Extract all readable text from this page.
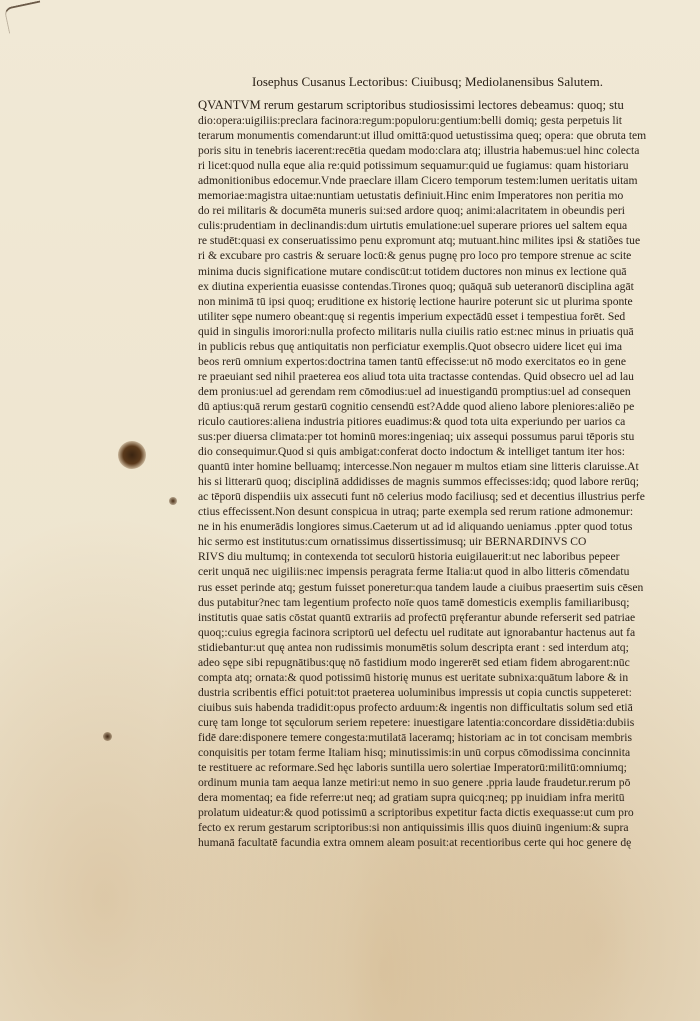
Iosephus Cusanus Lectoribus: Ciuibusq; Mediolanensibus Salutem.
QVANTVM rerum gestarum scriptoribus studiosissimi lectores debeamus: quoq; stu
dio:opera:uigiliis:preclara facinora:regum:populoru:gentium:belli domiq; gesta perpetuis lit
terarum monumentis comendarunt:ut illud omittā:quod uetustissima queq; opera: que obruta tem
poris situ in tenebris iacerent:recētia quedam modo:clara atq; illustria habemus:uel hinc colecta
ri licet:quod nulla eque alia re:quid potissimum sequamur:quid ue fugiamus: quam historiaru
admonitionibus edocemur.Vnde praeclare illam Cicero temporum testem:lumen ueritatis uitam
memoriae:magistra uitae:nuntiam uetustatis definiuit.Hinc enim Imperatores non peritia mo
do rei militaris & documēta muneris sui:sed ardore quoq; animi:alacritatem in obeundis peri
culis:prudentiam in declinandis:dum uirtutis emulatione:uel superare priores uel saltem equa
re studēt:quasi ex conseruatissimo penu expromunt atq; mutuant.hinc milites ipsi & statiões tue
ri & excubare pro castris & seruare locū:& genus pugnę pro loco pro tempore strenue ac scite
minima ducis significatione mutare condiscūt:ut totidem ductores non minus ex lectione quā
ex diutina experientia euasisse contendas.Tirones quoq; quāquā sub ueteranorū disciplina agāt
non minimā tū ipsi quoq; eruditione ex historię lectione haurire poterunt sic ut plurima sponte
utiliter sępe numero obeant:quę si regentis imperium expectādū esset i tempestiua forēt. Sed
quid in singulis imorori:nulla profecto militaris nulla ciuilis ratio est:nec minus in priuatis quā
in publicis rebus quę antiquitatis non perficiatur exemplis.Quot obsecro uidere licet ęui ima
beos rerū omnium expertos:doctrina tamen tantū effecisse:ut nō modo exercitatos eo in gene
re praeuiant sed nihil praeterea eos aliud tota uita tractasse contendas. Quid obsecro uel ad lau
dem pronius:uel ad gerendam rem cōmodius:uel ad inuestigandū promptius:uel ad consequen
dū aptius:quā rerum gestarū cognitio censendū est?Adde quod alieno labore pleniores:aliēo pe
riculo cautiores:aliena industria pitiores euadimus:& quod tota uita experiundo per uarios ca
sus:per diuersa climata:per tot hominū mores:ingeniaq; uix assequi possumus parui tēporis stu
dio consequimur.Quod si quis ambigat:conferat docto indoctum & intelliget tantum iter hos:
quantū inter homine belluamq; intercesse.Non negauer m multos etiam sine litteris claruisse.At
his si litterarū quoq; disciplinā addidisses de magnis summos effecisses:idq; quod labore rerūq;
ac tēporū dispendiis uix assecuti funt nō celerius modo faciliusq; sed et decentius illustrius perfe
ctius effecissent.Non desunt conspicua in utraq; parte exempla sed rerum ratione admonemur:
ne in his enumerādis longiores simus.Caeterum ut ad id aliquando ueniamus .ppter quod totus
hic sermo est institutus:cum ornatissimus dissertissimusq; uir BERNARDINVS CO
RIVS diu multumq; in contexenda tot seculorū historia euigilauerit:ut nec laboribus pepeer
cerit unquā nec uigiliis:nec impensis peragrata ferme Italia:ut quod in albo litteris cōmendatu
rus esset perinde atq; gestum fuisset poneretur:qua tandem laude a ciuibus praesertim suis cēsen
dus putabitur?nec tam legentium profecto noīe quos tamē domesticis exemplis familiaribusq;
institutis quae satis cōstat quantū extrariis ad profectū pręferantur abunde referserit sed patriae
quoq;:cuius egregia facinora scriptorū uel defectu uel ruditate aut ignorabantur hactenus aut fa
stidiebantur:ut quę antea non rudissimis monumētis solum descripta erant : sed interdum atq;
adeo sępe sibi repugnātibus:quę nō fastidium modo ingererēt sed etiam fidem abrogarent:nūc
compta atq; ornata:& quod potissimū historię munus est ueritate subnixa:quātum labore & in
dustria scribentis effici potuit:tot praeterea uoluminibus impressis ut copia cunctis suppeteret:
ciuibus suis habenda tradidit:opus profecto arduum:& ingentis non difficultatis solum sed etiā
curę tam longe tot sęculorum seriem repetere: inuestigare latentia:concordare dissidētia:dubiis
fidē dare:disponere temere congesta:mutilatā laceramq; historiam ac in tot concisam membris
conquisitis per totam ferme Italiam hisq; minutissimis:in unū corpus cōmodissima concinnita
te restituere ac reformare.Sed hęc laboris suntilla uero solertiae Imperatorū:militū:omniumq;
ordinum munia tam aequa lanze metiri:ut nemo in suo genere .ppria laude fraudetur.rerum pō
dera momentaq; ea fide referre:ut neq; ad gratiam supra quicq:neq; pp inuidiam infra meritū
prolatum uideatur:& quod potissimū a scriptoribus expetitur facta dictis exequasse:ut cum pro
fecto ex rerum gestarum scriptoribus:si non antiquissimis illis quos diuinū ingenium:& supra
humanā facultatē facundia extra omnem aleam posuit:at recentioribus certe qui hoc genere dę
